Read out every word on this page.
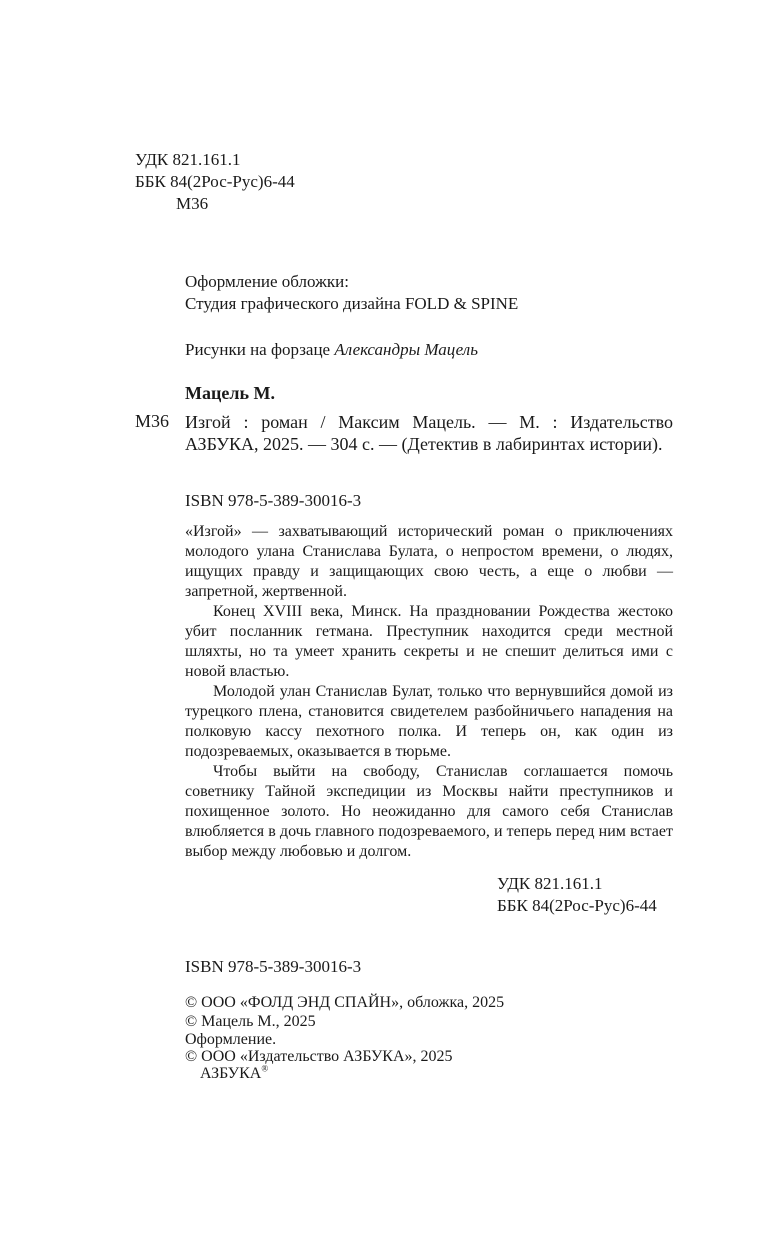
УДК 821.161.1
ББК 84(2Рос-Рус)6-44
М36
Оформление обложки:
Студия графического дизайна FOLD & SPINE
Рисунки на форзаце Александры Мацель
Мацель М.
М36 Изгой : роман / Максим Мацель. — М. : Издательство АЗБУКА, 2025. — 304 с. — (Детектив в лабиринтах истории).

ISBN 978-5-389-30016-3

«Изгой» — захватывающий исторический роман о приключениях молодого улана Станислава Булата, о непростом времени, о людях, ищущих правду и защищающих свою честь, а еще о любви — запретной, жертвенной.

Конец XVIII века, Минск. На праздновании Рождества жестоко убит посланник гетмана. Преступник находится среди местной шляхты, но та умеет хранить секреты и не спешит делиться ими с новой властью.

Молодой улан Станислав Булат, только что вернувшийся домой из турецкого плена, становится свидетелем разбойничьего нападения на полковую кассу пехотного полка. И теперь он, как один из подозреваемых, оказывается в тюрьме.

Чтобы выйти на свободу, Станислав соглашается помочь советнику Тайной экспедиции из Москвы найти преступников и похищенное золото. Но неожиданно для самого себя Станислав влюбляется в дочь главного подозреваемого, и теперь перед ним встает выбор между любовью и долгом.

УДК 821.161.1
ББК 84(2Рос-Рус)6-44
ISBN 978-5-389-30016-3
© ООО «ФОЛД ЭНД СПАЙН», обложка, 2025
© Мацель М., 2025
Оформление.
© ООО «Издательство АЗБУКА», 2025
АЗБУКА®
